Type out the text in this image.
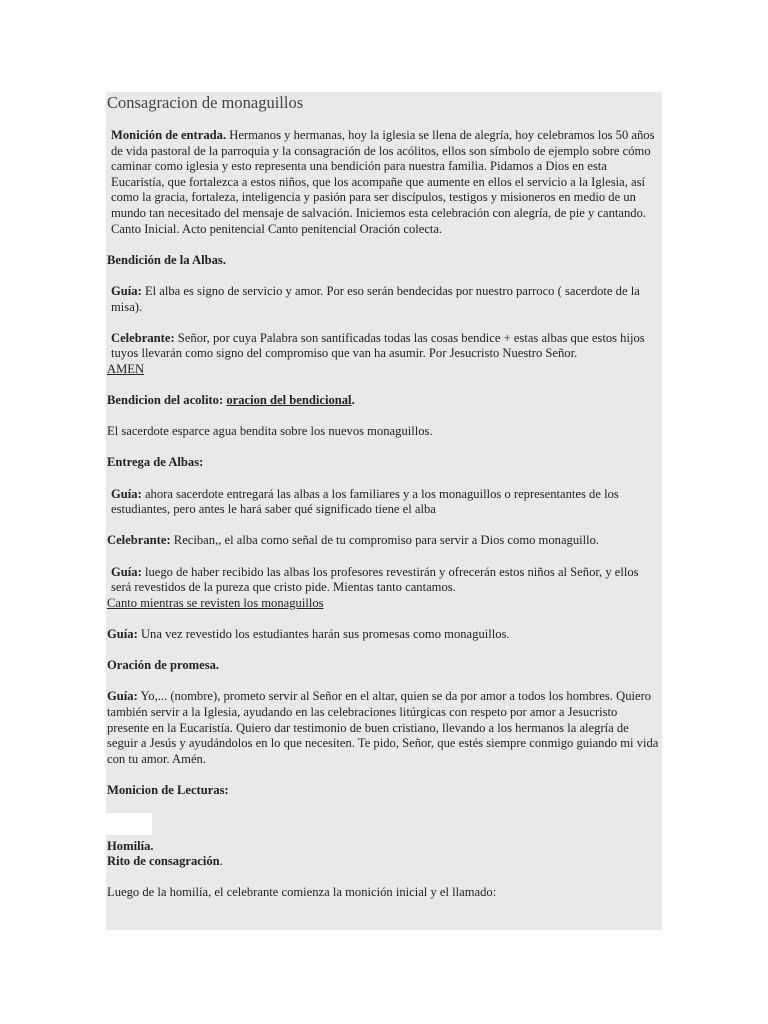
Consagracion de monaguillos

Monición de entrada. Hermanos y hermanas, hoy la iglesia se llena de alegría, hoy celebramos los 50 años de vida pastoral de la parroquia y la consagración de los acólitos, ellos son símbolo de ejemplo sobre cómo caminar como iglesia y esto representa una bendición para nuestra familia. Pidamos a Dios en esta Eucaristía, que fortalezca a estos niños, que los acompañe que aumente en ellos el servicio a la Iglesia, así como la gracia, fortaleza, inteligencia y pasión para ser discípulos, testigos y misioneros en medio de un mundo tan necesitado del mensaje de salvación. Iniciemos esta celebración con alegría, de pie y cantando. Canto Inicial. Acto penitencial Canto penitencial Oración colecta.

Bendición de la Albas.

Guía: El alba es signo de servicio y amor. Por eso serán bendecidas por nuestro parroco ( sacerdote de la misa).

Celebrante: Señor, por cuya Palabra son santificadas todas las cosas bendice + estas albas que estos hijos tuyos llevarán como signo del compromiso que van ha asumir. Por Jesucristo Nuestro Señor.
AMEN

Bendicion del acolito: oracion del bendicional.

El sacerdote esparce agua bendita sobre los nuevos monaguillos.

Entrega de Albas:

Guía: ahora sacerdote entregará las albas a los familiares y a los monaguillos o representantes de los estudiantes, pero antes le hará saber qué significado tiene el alba

Celebrante: Reciban,, el alba como señal de tu compromiso para servir a Dios como monaguillo.

Guía: luego de haber recibido las albas los profesores revestirán y ofrecerán estos niños al Señor, y ellos será revestidos de la pureza que cristo pide. Mientas tanto cantamos.
Canto mientras se revisten los monaguillos

Guía: Una vez revestido los estudiantes harán sus promesas como monaguillos.

Oración de promesa.

Guía: Yo,... (nombre), prometo servir al Señor en el altar, quien se da por amor a todos los hombres. Quiero también servir a la Iglesia, ayudando en las celebraciones litúrgicas con respeto por amor a Jesucristo presente en la Eucaristía. Quiero dar testimonio de buen cristiano, llevando a los hermanos la alegría de seguir a Jesús y ayudándolos en lo que necesiten. Te pido, Señor, que estés siempre conmigo guiando mi vida con tu amor. Amén.

Monicion de Lecturas:

Homilía.

Rito de consagración.

Luego de la homilía, el celebrante comienza la monición inicial y el llamado:
